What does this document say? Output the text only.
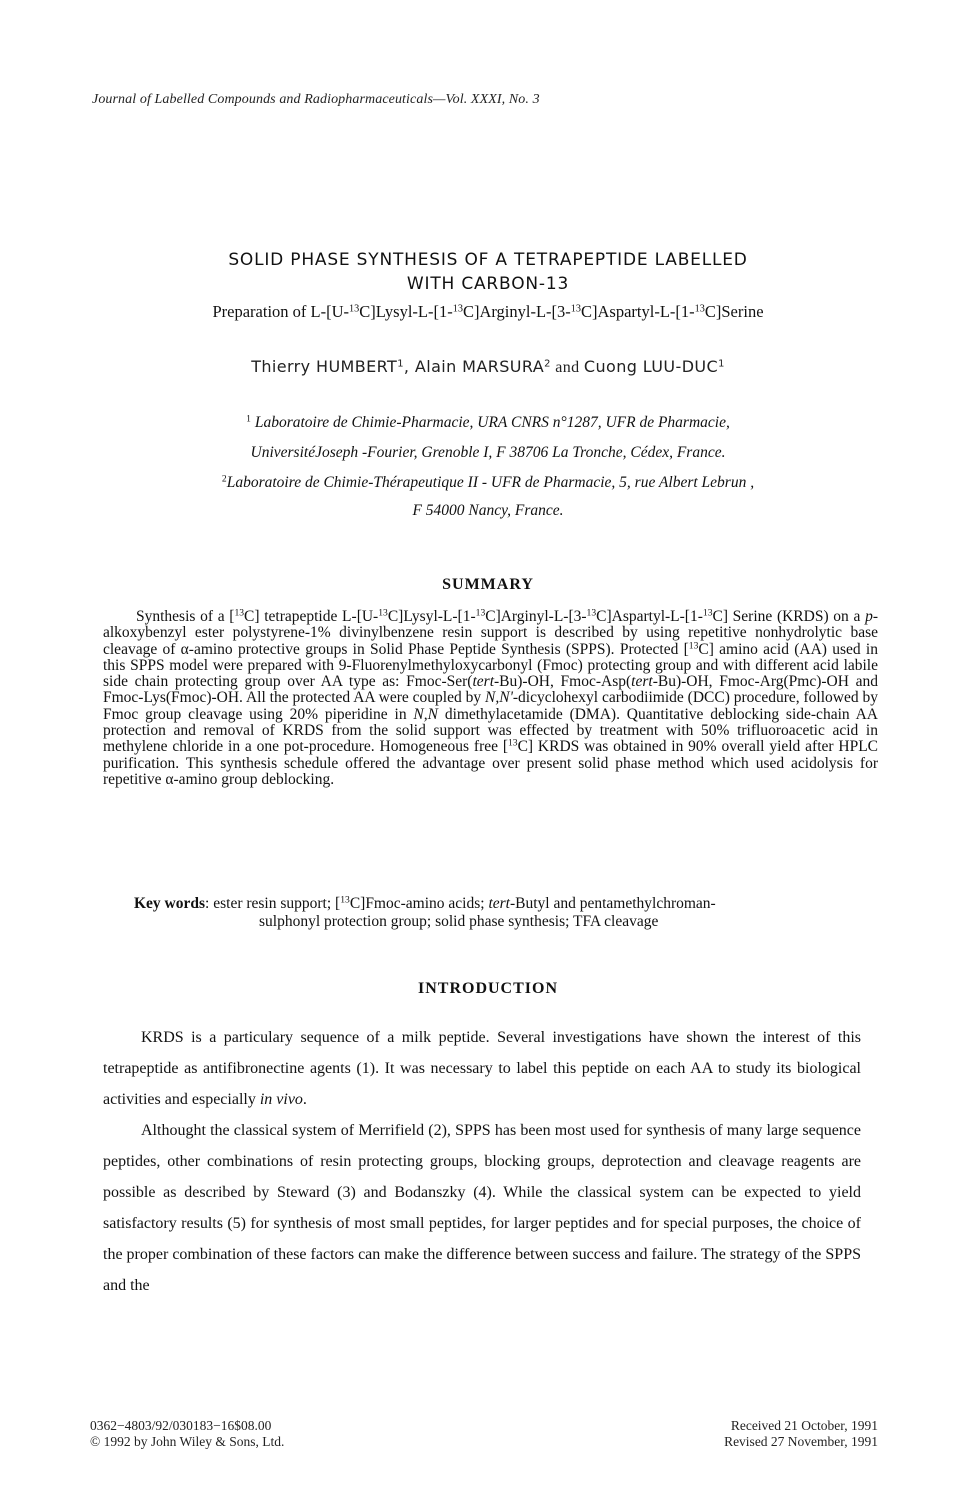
Journal of Labelled Compounds and Radiopharmaceuticals—Vol. XXXI, No. 3
SOLID PHASE SYNTHESIS OF A TETRAPEPTIDE LABELLED
WITH CARBON-13
Preparation of L-[U-$^{13}$C]Lysyl-L-[1-$^{13}$C]Arginyl-L-[3-$^{13}$C]Aspartyl-L-[1-$^{13}$C]Serine
Thierry HUMBERT$^1$, Alain MARSURA$^2$ and Cuong LUU-DUC$^1$
$^1$ Laboratoire de Chimie-Pharmacie, URA CNRS n°1287, UFR de Pharmacie,
UniversitéJoseph -Fourier, Grenoble I, F 38706 La Tronche, Cédex, France.
$^2$Laboratoire de Chimie-Thérapeutique II - UFR de Pharmacie, 5, rue Albert Lebrun ,
F 54000 Nancy, France.
SUMMARY

Synthesis of a [$^{13}$C] tetrapeptide L-[U-$^{13}$C]Lysyl-L-[1-$^{13}$C]Arginyl-L-[3-$^{13}$C]Aspartyl-L-[1-$^{13}$C] Serine (KRDS) on a p-alkoxybenzyl ester polystyrene-1% divinylbenzene resin support is described by using repetitive nonhydrolytic base cleavage of α-amino protective groups in Solid Phase Peptide Synthesis (SPPS). Protected [$^{13}$C] amino acid (AA) used in this SPPS model were prepared with 9-Fluorenylmethyloxycarbonyl (Fmoc) protecting group and with different acid labile side chain protecting group over AA type as: Fmoc-Ser(tert-Bu)-OH, Fmoc-Asp(tert-Bu)-OH, Fmoc-Arg(Pmc)-OH and Fmoc-Lys(Fmoc)-OH. All the protected AA were coupled by N,N'-dicyclohexyl carbodiimide (DCC) procedure, followed by Fmoc group cleavage using 20% piperidine in N,N dimethylacetamide (DMA). Quantitative deblocking side-chain AA protection and removal of KRDS from the solid support was effected by treatment with 50% trifluoroacetic acid in methylene chloride in a one pot-procedure. Homogeneous free [$^{13}$C] KRDS was obtained in 90% overall yield after HPLC purification. This synthesis schedule offered the advantage over present solid phase method which used acidolysis for repetitive α-amino group deblocking.

Key words: ester resin support; [$^{13}$C]Fmoc-amino acids; tert-Butyl and pentamethylchroman-
sulphonyl protection group; solid phase synthesis; TFA cleavage
INTRODUCTION

KRDS is a particulary sequence of a milk peptide. Several investigations have shown the interest of this tetrapeptide as antifibronectine agents (1). It was necessary to label this peptide on each AA to study its biological activities and especially in vivo.

Althought the classical system of Merrifield (2), SPPS has been most used for synthesis of many large sequence peptides, other combinations of resin protecting groups, blocking groups, deprotection and cleavage reagents are possible as described by Steward (3) and Bodanszky (4). While the classical system can be expected to yield satisfactory results (5) for synthesis of most small peptides, for larger peptides and for special purposes, the choice of the proper combination of these factors can make the difference between success and failure. The strategy of the SPPS and the

0362−4803/92/030183−16$08.00
© 1992 by John Wiley & Sons, Ltd.
Received 21 October, 1991
Revised 27 November, 1991
